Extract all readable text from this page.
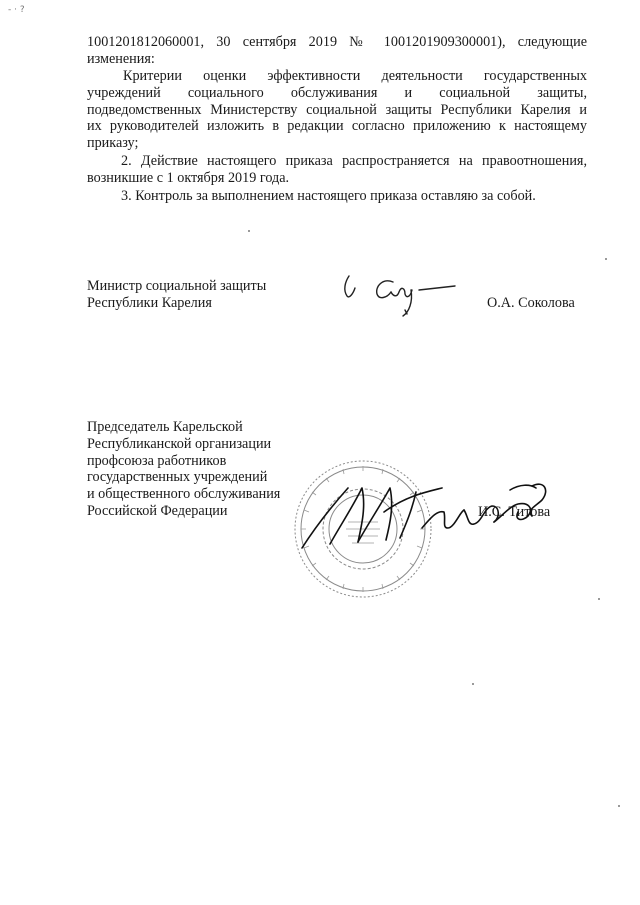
- · ?
1001201812060001, 30 сентября 2019 № 1001201909300001), следующие
изменения:
Критерии оценки эффективности деятельности государственных
учреждений социального обслуживания и социальной защиты,
подведомственных Министерству социальной защиты Республики Карелия и
их руководителей изложить в редакции согласно приложению к настоящему
приказу;
2. Действие настоящего приказа распространяется на правоотношения,
возникшие с 1 октября 2019 года.
3. Контроль за выполнением настоящего приказа оставляю за собой.
Министр социальной защиты
Республики Карелия	О.А. Соколова
Председатель Карельской
Республиканской организации
профсоюза работников
государственных учреждений
и общественного обслуживания
Российской Федерации	И.С. Титова
